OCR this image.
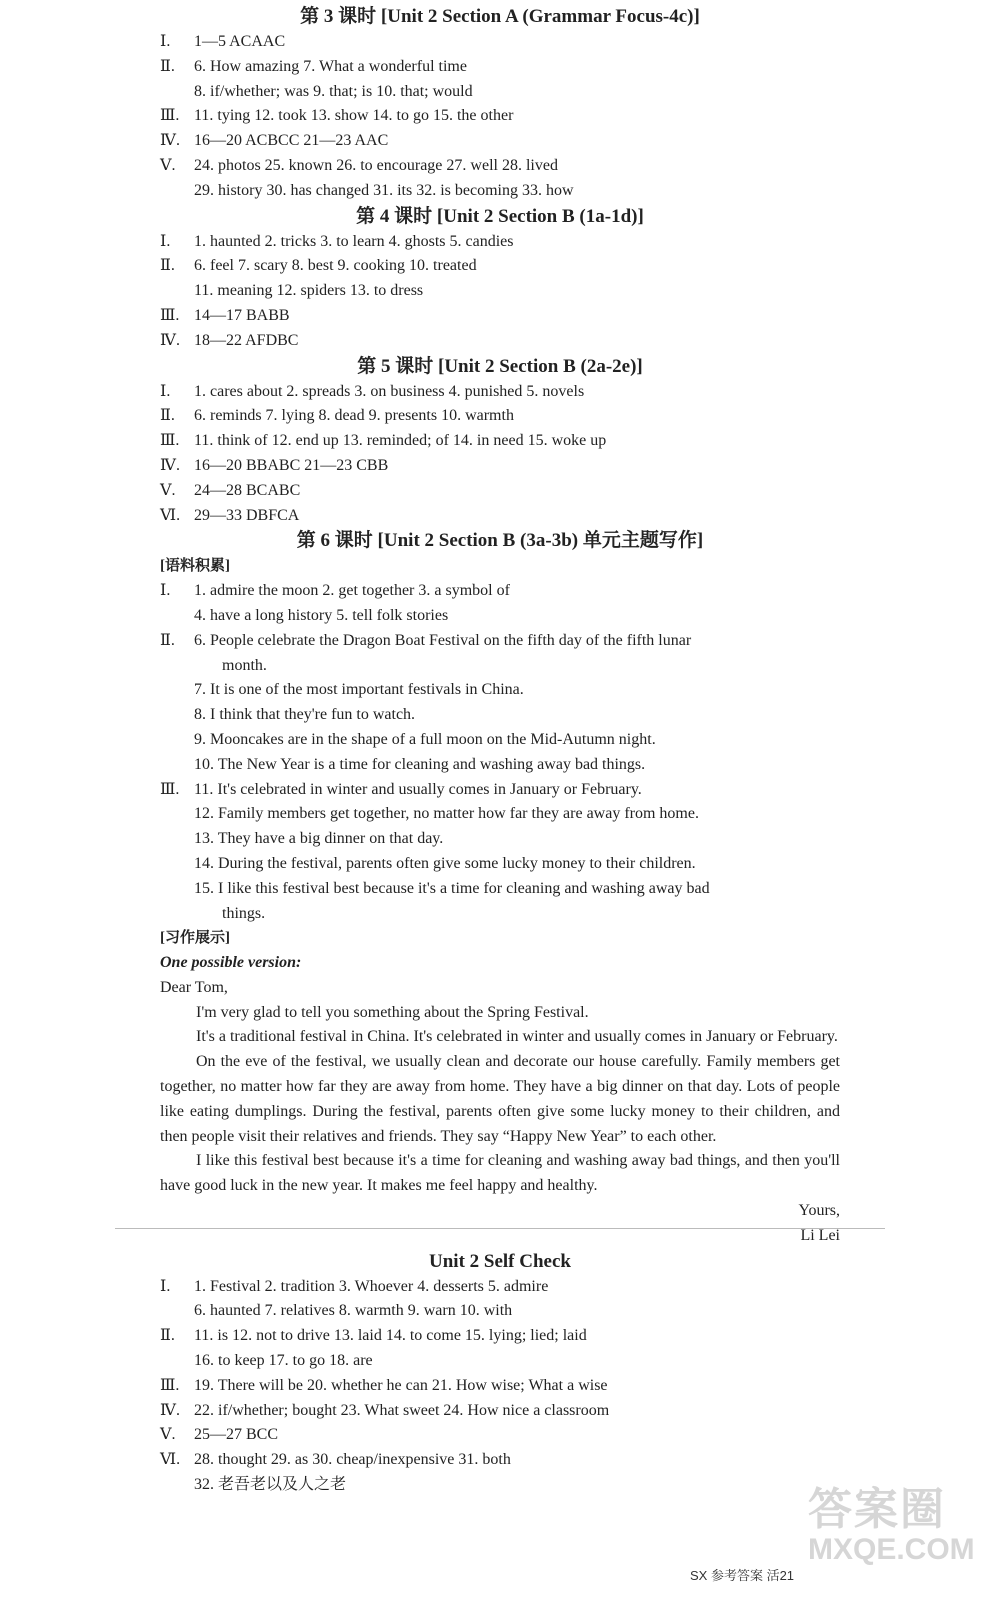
第 3 课时 [Unit 2 Section A (Grammar Focus-4c)]
Ⅰ. 1—5 ACAAC
Ⅱ. 6. How amazing 7. What a wonderful time
8. if/whether; was 9. that; is 10. that; would
Ⅲ. 11. tying 12. took 13. show 14. to go 15. the other
Ⅳ. 16—20 ACBCC 21—23 AAC
Ⅴ. 24. photos 25. known 26. to encourage 27. well 28. lived
29. history 30. has changed 31. its 32. is becoming 33. how
第 4 课时 [Unit 2 Section B (1a-1d)]
Ⅰ. 1. haunted 2. tricks 3. to learn 4. ghosts 5. candies
Ⅱ. 6. feel 7. scary 8. best 9. cooking 10. treated
11. meaning 12. spiders 13. to dress
Ⅲ. 14—17 BABB
Ⅳ. 18—22 AFDBC
第 5 课时 [Unit 2 Section B (2a-2e)]
Ⅰ. 1. cares about 2. spreads 3. on business 4. punished 5. novels
Ⅱ. 6. reminds 7. lying 8. dead 9. presents 10. warmth
Ⅲ. 11. think of 12. end up 13. reminded; of 14. in need 15. woke up
Ⅳ. 16—20 BBABC 21—23 CBB
Ⅴ. 24—28 BCABC
Ⅵ. 29—33 DBFCA
第 6 课时 [Unit 2 Section B (3a-3b) 单元主题写作]
[语料积累]
Ⅰ. 1. admire the moon 2. get together 3. a symbol of
4. have a long history 5. tell folk stories
Ⅱ. 6. People celebrate the Dragon Boat Festival on the fifth day of the fifth lunar
month.
7. It is one of the most important festivals in China.
8. I think that they're fun to watch.
9. Mooncakes are in the shape of a full moon on the Mid-Autumn night.
10. The New Year is a time for cleaning and washing away bad things.
Ⅲ. 11. It's celebrated in winter and usually comes in January or February.
12. Family members get together, no matter how far they are away from home.
13. They have a big dinner on that day.
14. During the festival, parents often give some lucky money to their children.
15. I like this festival best because it's a time for cleaning and washing away bad
things.
[习作展示]
One possible version:
Dear Tom,
I'm very glad to tell you something about the Spring Festival.
It's a traditional festival in China. It's celebrated in winter and usually comes in January or February.
On the eve of the festival, we usually clean and decorate our house carefully. Family members get together, no matter how far they are away from home. They have a big dinner on that day. Lots of people like eating dumplings. During the festival, parents often give some lucky money to their children, and then people visit their relatives and friends. They say “Happy New Year” to each other.
I like this festival best because it's a time for cleaning and washing away bad things, and then you'll have good luck in the new year. It makes me feel happy and healthy.
Yours,
Li Lei
Unit 2 Self Check
Ⅰ. 1. Festival 2. tradition 3. Whoever 4. desserts 5. admire
6. haunted 7. relatives 8. warmth 9. warn 10. with
Ⅱ. 11. is 12. not to drive 13. laid 14. to come 15. lying; lied; laid
16. to keep 17. to go 18. are
Ⅲ. 19. There will be 20. whether he can 21. How wise; What a wise
Ⅳ. 22. if/whether; bought 23. What sweet 24. How nice a classroom
Ⅴ. 25—27 BCC
Ⅵ. 28. thought 29. as 30. cheap/inexpensive 31. both
32. 老吾老以及人之老
SX 参考答案 活21
答案圈
MXQE.COM
